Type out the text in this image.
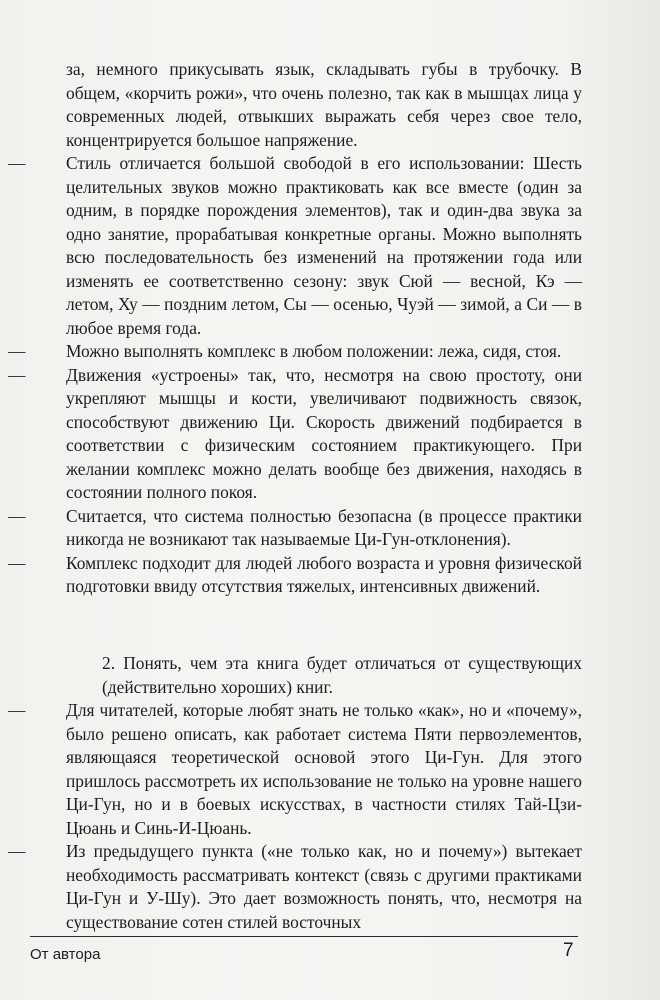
за, немного прикусывать язык, складывать губы в трубочку. В общем, «корчить рожи», что очень полезно, так как в мышцах лица у современных людей, отвыкших выражать себя через свое тело, концентрируется большое напряжение.

— Стиль отличается большой свободой в его использовании: Шесть целительных звуков можно практиковать как все вместе (один за одним, в порядке порождения элементов), так и один-два звука за одно занятие, прорабатывая конкретные органы. Можно выполнять всю последовательность без изменений на протяжении года или изменять ее соответственно сезону: звук Сюй — весной, Кэ — летом, Ху — поздним летом, Сы — осенью, Чуэй — зимой, а Си — в любое время года.

— Можно выполнять комплекс в любом положении: лежа, сидя, стоя.

— Движения «устроены» так, что, несмотря на свою простоту, они укрепляют мышцы и кости, увеличивают подвижность связок, способствуют движению Ци. Скорость движений подбирается в соответствии с физическим состоянием практикующего. При желании комплекс можно делать вообще без движения, находясь в состоянии полного покоя.

— Считается, что система полностью безопасна (в процессе практики никогда не возникают так называемые Ци-Гун-отклонения).

— Комплекс подходит для людей любого возраста и уровня физической подготовки ввиду отсутствия тяжелых, интенсивных движений.

2. Понять, чем эта книга будет отличаться от существующих (действительно хороших) книг.

— Для читателей, которые любят знать не только «как», но и «почему», было решено описать, как работает система Пяти первоэлементов, являющаяся теоретической основой этого Ци-Гун. Для этого пришлось рассмотреть их использование не только на уровне нашего Ци-Гун, но и в боевых искусствах, в частности стилях Тай-Цзи-Цюань и Синь-И-Цюань.

— Из предыдущего пункта («не только как, но и почему») вытекает необходимость рассматривать контекст (связь с другими практиками Ци-Гун и У-Шу). Это дает возможность понять, что, несмотря на существование сотен стилей восточных

От автора	7
